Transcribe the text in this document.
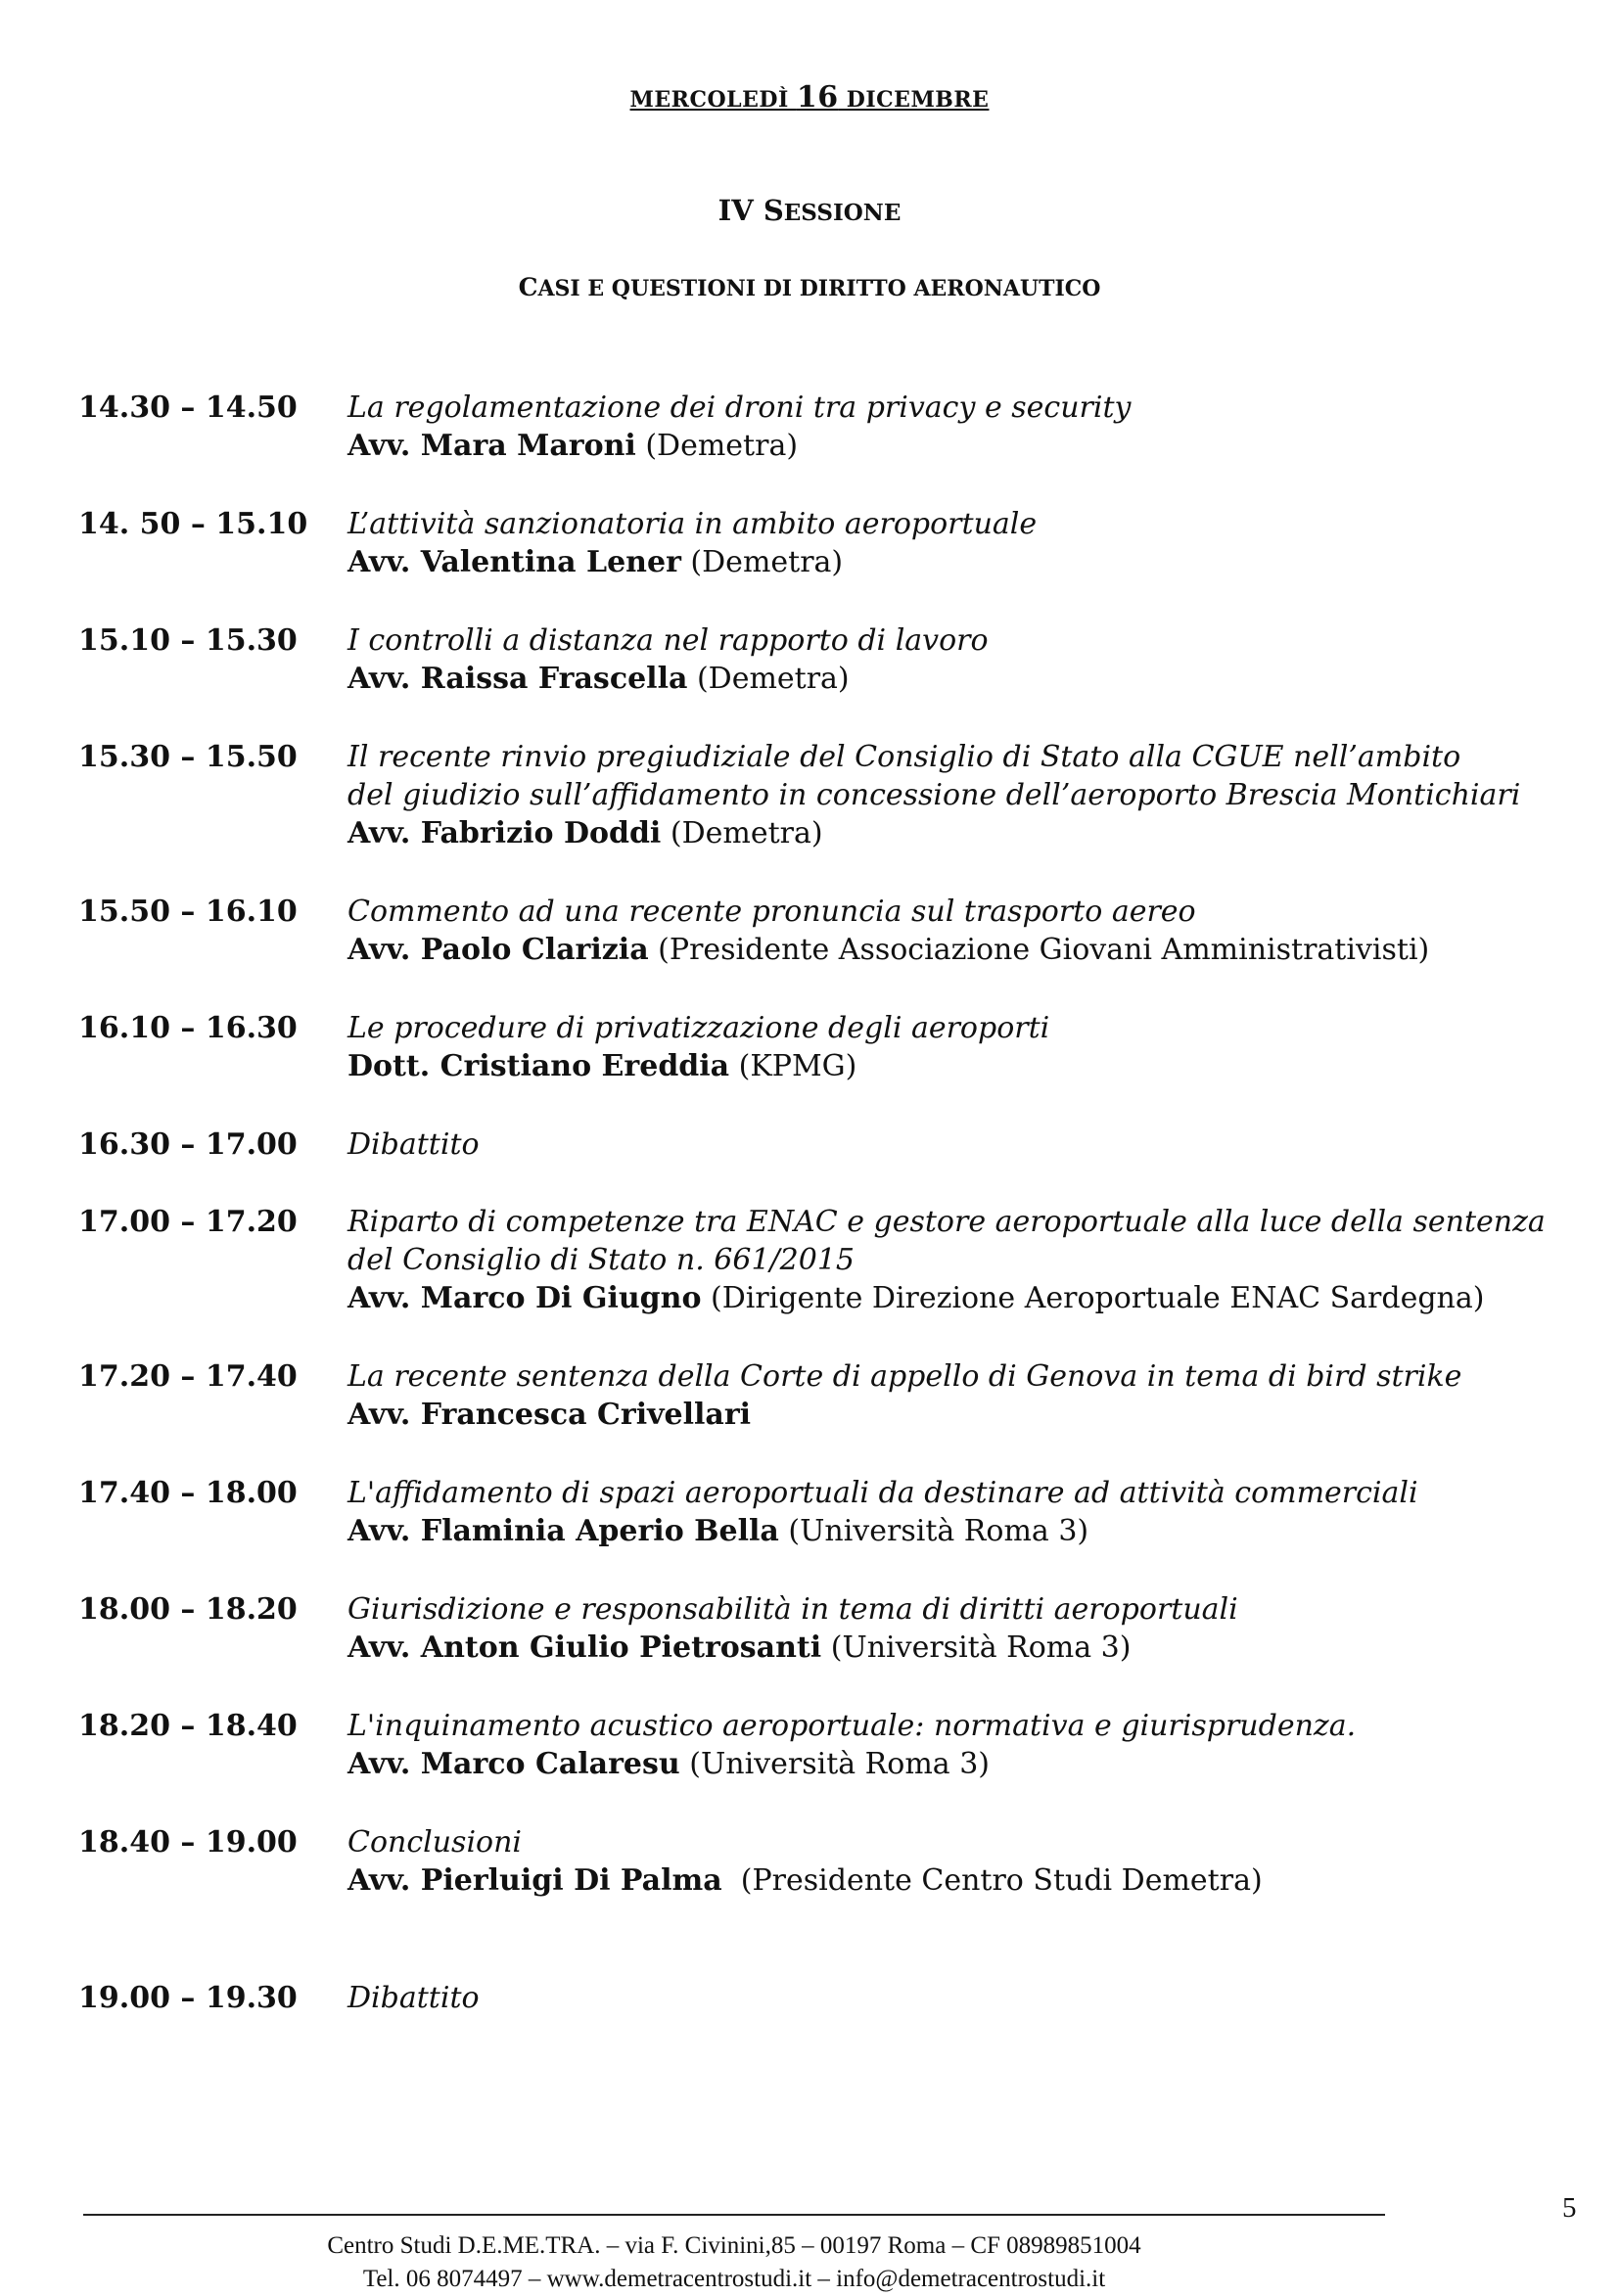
MERCOLEDÌ 16 DICEMBRE
IV SESSIONE
CASI E QUESTIONI DI DIRITTO AERONAUTICO
14.30 – 14.50 La regolamentazione dei droni tra privacy e security
Avv. Mara Maroni (Demetra)
14. 50 – 15.10 L’attività sanzionatoria in ambito aeroportuale
Avv. Valentina Lener (Demetra)
15.10 – 15.30 I controlli a distanza nel rapporto di lavoro
Avv. Raissa Frascella (Demetra)
15.30 – 15.50 Il recente rinvio pregiudiziale del Consiglio di Stato alla CGUE nell’ambito
del giudizio sull’affidamento in concessione dell’aeroporto Brescia Montichiari
Avv. Fabrizio Doddi (Demetra)
15.50 – 16.10 Commento ad una recente pronuncia sul trasporto aereo
Avv. Paolo Clarizia (Presidente Associazione Giovani Amministrativisti)
16.10 – 16.30 Le procedure di privatizzazione degli aeroporti
Dott. Cristiano Ereddia (KPMG)
16.30 – 17.00 Dibattito
17.00 – 17.20 Riparto di competenze tra ENAC e gestore aeroportuale alla luce della sentenza
del Consiglio di Stato n. 661/2015
Avv. Marco Di Giugno (Dirigente Direzione Aeroportuale ENAC Sardegna)
17.20 – 17.40 La recente sentenza della Corte di appello di Genova in tema di bird strike
Avv. Francesca Crivellari
17.40 – 18.00 L'affidamento di spazi aeroportuali da destinare ad attività commerciali
Avv. Flaminia Aperio Bella (Università Roma 3)
18.00 – 18.20 Giurisdizione e responsabilità in tema di diritti aeroportuali
Avv. Anton Giulio Pietrosanti (Università Roma 3)
18.20 – 18.40 L'inquinamento acustico aeroportuale: normativa e giurisprudenza.
Avv. Marco Calaresu (Università Roma 3)
18.40 – 19.00 Conclusioni
Avv. Pierluigi Di Palma  (Presidente Centro Studi Demetra)
19.00 – 19.30 Dibattito
5
Centro Studi D.E.ME.TRA. – via F. Civinini,85 – 00197 Roma – CF 08989851004
Tel. 06 8074497 – www.demetracentrostudi.it – info@demetracentrostudi.it
